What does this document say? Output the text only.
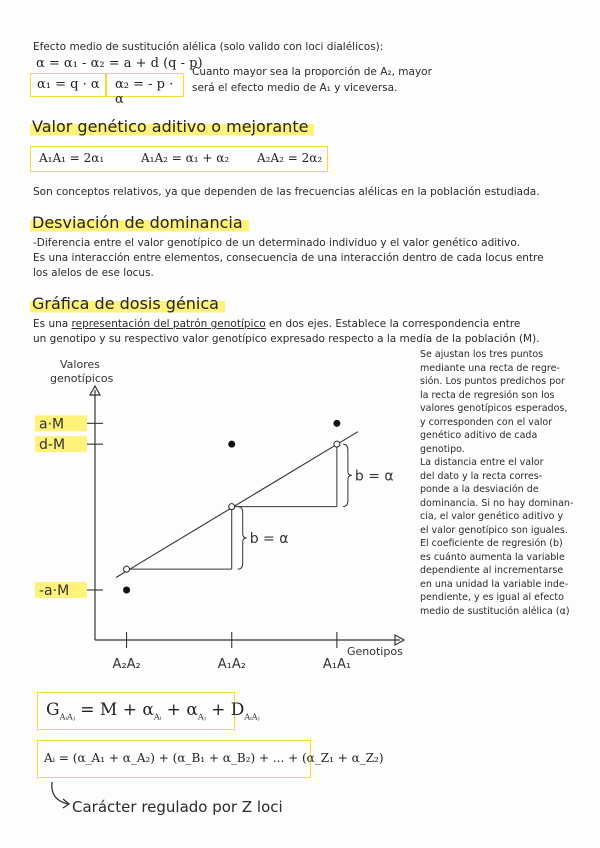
Efecto medio de sustitución alélica (solo valido con loci dialélicos):
α = α₁ - α₂ = a + d (q - p)
α₁ = q · α α₂ = - p · α
Cuanto mayor sea la proporción de A₂, mayor
será el efecto medio de A₁ y viceversa.
Valor genético aditivo o mejorante
A₁A₁ = 2α₁	A₁A₂ = α₁ + α₂ A₂A₂ = 2α₂
Son conceptos relativos, ya que dependen de las frecuencias alélicas en la población estudiada.
Desviación de dominancia
-Diferencia entre el valor genotípico de un determinado individuo y el valor genético aditivo.
Es una interacción entre elementos, consecuencia de una interacción dentro de cada locus entre
los alelos de ese locus.
Gráfica de dosis génica
Es una representación del patrón genotípico en dos ejes. Establece la correspondencia entre
un genotipo y su respectivo valor genotípico expresado respecto a la media de la población (M).
Se ajustan los tres puntos
mediante una recta de regre-
sión. Los puntos predichos por
la recta de regresión son los
valores genotípicos esperados,
y corresponden con el valor
genético aditivo de cada
genotipo.
La distancia entre el valor
del dato y la recta corres-
ponde a la desviación de
dominancia. Si no hay dominan-
cia, el valor genético aditivo y
el valor genotípico son iguales.
El coeficiente de regresión (b)
es cuánto aumenta la variable
dependiente al incrementarse
en una unidad la variable inde-
pendiente, y es igual al efecto
medio de sustitución alélica (α)
Valores
genotípicos
Genotipos
a·M
d-M
-a·M
A₂A₂	A₁A₂	A₁A₁
b = α
b = α
$G_{AᵢAⱼ} = M + \alpha_{Aᵢ} + \alpha_{Aⱼ} + D_{AᵢAⱼ}$
Aᵢ = (α_A₁ + α_A₂) + (α_B₁ + α_B₂) + ... + (α_Z₁ + α_Z₂)
Carácter regulado por Z loci
